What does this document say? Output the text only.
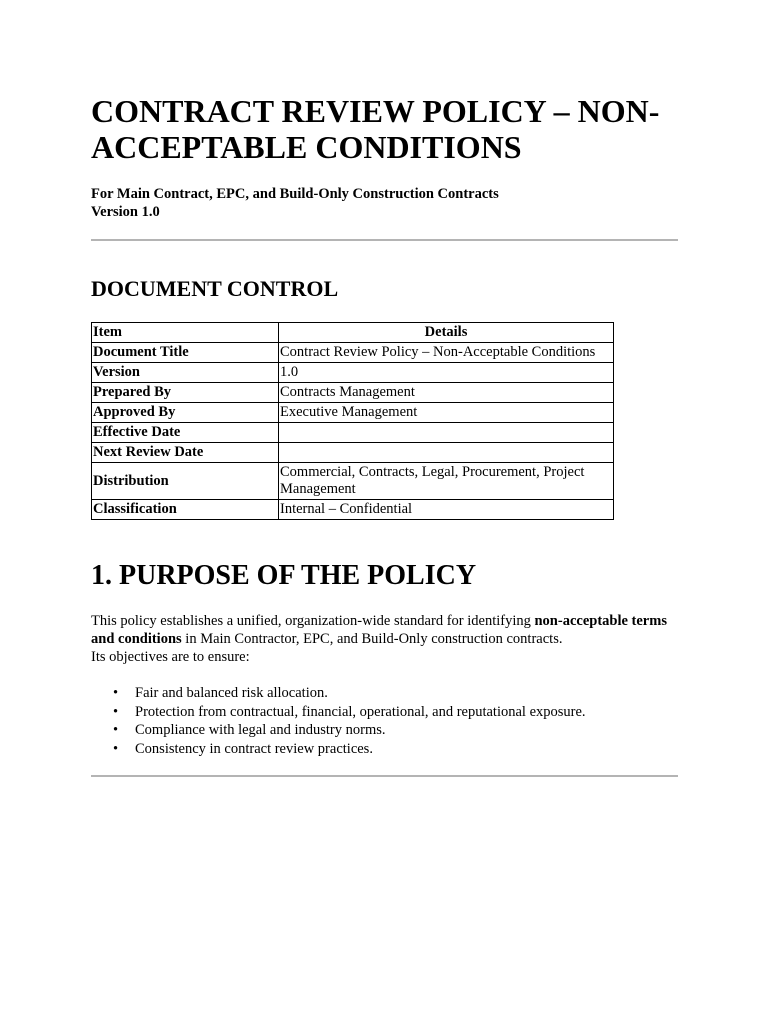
CONTRACT REVIEW POLICY – NON-ACCEPTABLE CONDITIONS
For Main Contract, EPC, and Build-Only Construction Contracts
Version 1.0
DOCUMENT CONTROL
Item	Details
Document Title	Contract Review Policy – Non-Acceptable Conditions
Version	1.0
Prepared By	Contracts Management
Approved By	Executive Management
Effective Date	
Next Review Date	
Distribution	Commercial, Contracts, Legal, Procurement, Project Management
Classification	Internal – Confidential
1. PURPOSE OF THE POLICY
This policy establishes a unified, organization-wide standard for identifying non-acceptable terms and conditions in Main Contractor, EPC, and Build-Only construction contracts.
Its objectives are to ensure:
• Fair and balanced risk allocation.
• Protection from contractual, financial, operational, and reputational exposure.
• Compliance with legal and industry norms.
• Consistency in contract review practices.
